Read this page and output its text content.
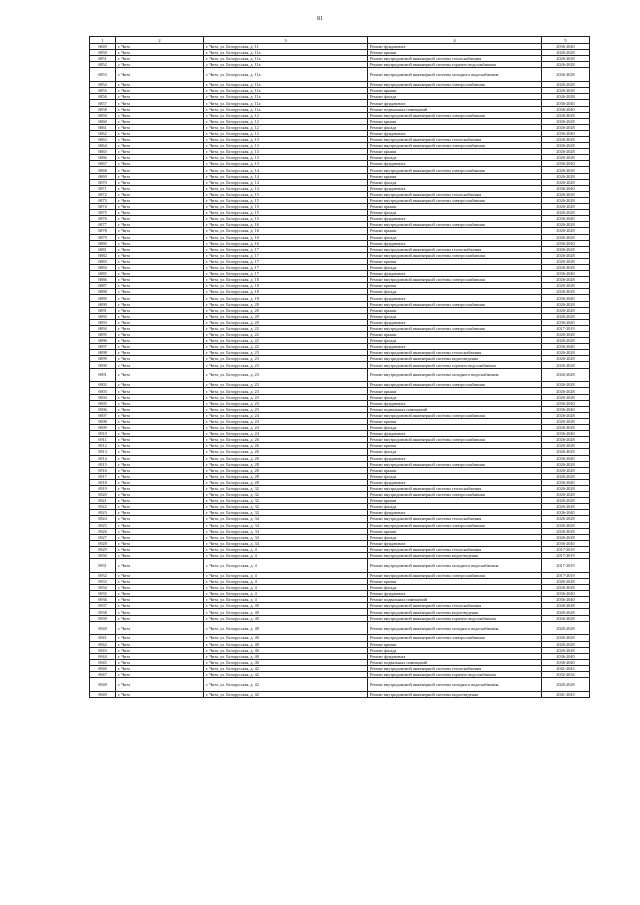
81
1	2	3	4	5
6849	г. Чита	г. Чита, ул. Белорусская, д. 11	Ремонт фундамента	2036-2040
6850	г. Чита	г. Чита, ул. Белорусская, д. 11а	Ремонт крыши	2026-2028
6851	г. Чита	г. Чита, ул. Белорусская, д. 11а	Ремонт внутридомовой инженерной системы теплоснабжения	2026-2028
6852	г. Чита	г. Чита, ул. Белорусская, д. 11а	Ремонт внутридомовой инженерной системы горячего водоснабжения	2026-2028
6853	г. Чита	г. Чита, ул. Белорусская, д. 11а	Ремонт внутридомовой инженерной системы холодного водоснабжения	2026-2028
6854	г. Чита	г. Чита, ул. Белорусская, д. 11а	Ремонт внутридомовой инженерной системы электроснабжения	2026-2028
6855	г. Чита	г. Чита, ул. Белорусская, д. 11а	Ремонт крыши	2026-2028
6856	г. Чита	г. Чита, ул. Белорусская, д. 11а	Ремонт фасада	2026-2028
6857	г. Чита	г. Чита, ул. Белорусская, д. 11а	Ремонт фундамента	2036-2040
6858	г. Чита	г. Чита, ул. Белорусская, д. 11а	Ремонт подвальных помещений	2036-2040
6859	г. Чита	г. Чита, ул. Белорусская, д. 12	Ремонт внутридомовой инженерной системы электроснабжения	2026-2028
6860	г. Чита	г. Чита, ул. Белорусская, д. 12	Ремонт крыши	2026-2028
6861	г. Чита	г. Чита, ул. Белорусская, д. 12	Ремонт фасада	2026-2028
6862	г. Чита	г. Чита, ул. Белорусская, д. 12	Ремонт фундамента	2036-2040
6863	г. Чита	г. Чита, ул. Белорусская, д. 13	Ремонт внутридомовой инженерной системы теплоснабжения	2026-2028
6864	г. Чита	г. Чита, ул. Белорусская, д. 13	Ремонт внутридомовой инженерной системы электроснабжения	2026-2028
6865	г. Чита	г. Чита, ул. Белорусская, д. 13	Ремонт крыши	2026-2028
6866	г. Чита	г. Чита, ул. Белорусская, д. 13	Ремонт фасада	2026-2028
6867	г. Чита	г. Чита, ул. Белорусская, д. 13	Ремонт фундамента	2036-2040
6868	г. Чита	г. Чита, ул. Белорусская, д. 14	Ремонт внутридомовой инженерной системы электроснабжения	2026-2028
6869	г. Чита	г. Чита, ул. Белорусская, д. 14	Ремонт крыши	2026-2028
6870	г. Чита	г. Чита, ул. Белорусская, д. 14	Ремонт фасада	2026-2028
6871	г. Чита	г. Чита, ул. Белорусская, д. 14	Ремонт фундамента	2036-2040
6872	г. Чита	г. Чита, ул. Белорусская, д. 15	Ремонт внутридомовой инженерной системы теплоснабжения	2026-2028
6873	г. Чита	г. Чита, ул. Белорусская, д. 15	Ремонт внутридомовой инженерной системы электроснабжения	2026-2028
6874	г. Чита	г. Чита, ул. Белорусская, д. 15	Ремонт крыши	2026-2028
6875	г. Чита	г. Чита, ул. Белорусская, д. 15	Ремонт фасада	2026-2028
6876	г. Чита	г. Чита, ул. Белорусская, д. 15	Ремонт фундамента	2036-2040
6877	г. Чита	г. Чита, ул. Белорусская, д. 16	Ремонт внутридомовой инженерной системы электроснабжения	2026-2028
6878	г. Чита	г. Чита, ул. Белорусская, д. 16	Ремонт крыши	2026-2028
6879	г. Чита	г. Чита, ул. Белорусская, д. 16	Ремонт фасада	2026-2028
6880	г. Чита	г. Чита, ул. Белорусская, д. 16	Ремонт фундамента	2036-2040
6881	г. Чита	г. Чита, ул. Белорусская, д. 17	Ремонт внутридомовой инженерной системы теплоснабжения	2026-2028
6882	г. Чита	г. Чита, ул. Белорусская, д. 17	Ремонт внутридомовой инженерной системы электроснабжения	2026-2028
6883	г. Чита	г. Чита, ул. Белорусская, д. 17	Ремонт крыши	2026-2028
6884	г. Чита	г. Чита, ул. Белорусская, д. 17	Ремонт фасада	2026-2028
6885	г. Чита	г. Чита, ул. Белорусская, д. 17	Ремонт фундамента	2036-2040
6886	г. Чита	г. Чита, ул. Белорусская, д. 18	Ремонт внутридомовой инженерной системы электроснабжения	2026-2028
6887	г. Чита	г. Чита, ул. Белорусская, д. 18	Ремонт крыши	2026-2028
6888	г. Чита	г. Чита, ул. Белорусская, д. 18	Ремонт фасада	2026-2028
6889	г. Чита	г. Чита, ул. Белорусская, д. 18	Ремонт фундамента	2036-2040
6890	г. Чита	г. Чита, ул. Белорусская, д. 20	Ремонт внутридомовой инженерной системы электроснабжения	2026-2028
6891	г. Чита	г. Чита, ул. Белорусская, д. 20	Ремонт крыши	2026-2028
6892	г. Чита	г. Чита, ул. Белорусская, д. 20	Ремонт фасада	2026-2028
6893	г. Чита	г. Чита, ул. Белорусская, д. 20	Ремонт фундамента	2036-2040
6894	г. Чита	г. Чита, ул. Белорусская, д. 22	Ремонт внутридомовой инженерной системы электроснабжения	2017-2019
6895	г. Чита	г. Чита, ул. Белорусская, д. 22	Ремонт крыши	2026-2028
6896	г. Чита	г. Чита, ул. Белорусская, д. 22	Ремонт фасада	2026-2028
6897	г. Чита	г. Чита, ул. Белорусская, д. 22	Ремонт фундамента	2036-2040
6898	г. Чита	г. Чита, ул. Белорусская, д. 23	Ремонт внутридомовой инженерной системы теплоснабжения	2026-2028
6899	г. Чита	г. Чита, ул. Белорусская, д. 23	Ремонт внутридомовой инженерной системы водоотведения	2026-2028
6900	г. Чита	г. Чита, ул. Белорусская, д. 23	Ремонт внутридомовой инженерной системы горячего водоснабжения	2026-2028
6901	г. Чита	г. Чита, ул. Белорусская, д. 23	Ремонт внутридомовой инженерной системы холодного водоснабжения	2026-2028
6902	г. Чита	г. Чита, ул. Белорусская, д. 23	Ремонт внутридомовой инженерной системы электроснабжения	2026-2028
6903	г. Чита	г. Чита, ул. Белорусская, д. 23	Ремонт крыши	2026-2028
6904	г. Чита	г. Чита, ул. Белорусская, д. 23	Ремонт фасада	2026-2028
6905	г. Чита	г. Чита, ул. Белорусская, д. 23	Ремонт фундамента	2036-2040
6906	г. Чита	г. Чита, ул. Белорусская, д. 23	Ремонт подвальных помещений	2036-2040
6907	г. Чита	г. Чита, ул. Белорусская, д. 24	Ремонт внутридомовой инженерной системы электроснабжения	2026-2028
6908	г. Чита	г. Чита, ул. Белорусская, д. 24	Ремонт крыши	2026-2028
6909	г. Чита	г. Чита, ул. Белорусская, д. 24	Ремонт фасада	2026-2028
6910	г. Чита	г. Чита, ул. Белорусская, д. 24	Ремонт фундамента	2036-2040
6911	г. Чита	г. Чита, ул. Белорусская, д. 26	Ремонт внутридомовой инженерной системы электроснабжения	2026-2028
6912	г. Чита	г. Чита, ул. Белорусская, д. 26	Ремонт крыши	2026-2028
6913	г. Чита	г. Чита, ул. Белорусская, д. 26	Ремонт фасада	2026-2028
6914	г. Чита	г. Чита, ул. Белорусская, д. 26	Ремонт фундамента	2036-2040
6915	г. Чита	г. Чита, ул. Белорусская, д. 28	Ремонт внутридомовой инженерной системы электроснабжения	2026-2028
6916	г. Чита	г. Чита, ул. Белорусская, д. 28	Ремонт крыши	2026-2028
6917	г. Чита	г. Чита, ул. Белорусская, д. 28	Ремонт фасада	2026-2028
6918	г. Чита	г. Чита, ул. Белорусская, д. 28	Ремонт фундамента	2036-2040
6919	г. Чита	г. Чита, ул. Белорусская, д. 32	Ремонт внутридомовой инженерной системы теплоснабжения	2026-2028
6920	г. Чита	г. Чита, ул. Белорусская, д. 32	Ремонт внутридомовой инженерной системы электроснабжения	2026-2028
6921	г. Чита	г. Чита, ул. Белорусская, д. 32	Ремонт крыши	2026-2028
6922	г. Чита	г. Чита, ул. Белорусская, д. 32	Ремонт фасада	2026-2028
6923	г. Чита	г. Чита, ул. Белорусская, д. 32	Ремонт фундамента	2036-2040
6924	г. Чита	г. Чита, ул. Белорусская, д. 34	Ремонт внутридомовой инженерной системы теплоснабжения	2026-2028
6925	г. Чита	г. Чита, ул. Белорусская, д. 34	Ремонт внутридомовой инженерной системы электроснабжения	2026-2028
6926	г. Чита	г. Чита, ул. Белорусская, д. 34	Ремонт крыши	2026-2028
6927	г. Чита	г. Чита, ул. Белорусская, д. 34	Ремонт фасада	2026-2028
6928	г. Чита	г. Чита, ул. Белорусская, д. 34	Ремонт фундамента	2036-2040
6929	г. Чита	г. Чита, ул. Белорусская, д. 4	Ремонт внутридомовой инженерной системы теплоснабжения	2017-2019
6930	г. Чита	г. Чита, ул. Белорусская, д. 4	Ремонт внутридомовой инженерной системы водоотведения	2017-2019
6931	г. Чита	г. Чита, ул. Белорусская, д. 4	Ремонт внутридомовой инженерной системы холодного водоснабжения	2017-2019
6932	г. Чита	г. Чита, ул. Белорусская, д. 4	Ремонт внутридомовой инженерной системы электроснабжения	2017-2019
6933	г. Чита	г. Чита, ул. Белорусская, д. 4	Ремонт крыши	2026-2028
6934	г. Чита	г. Чита, ул. Белорусская, д. 4	Ремонт фасада	2026-2028
6935	г. Чита	г. Чита, ул. Белорусская, д. 4	Ремонт фундамента	2036-2040
6936	г. Чита	г. Чита, ул. Белорусская, д. 4	Ремонт подвальных помещений	2036-2040
6937	г. Чита	г. Чита, ул. Белорусская, д. 40	Ремонт внутридомовой инженерной системы теплоснабжения	2026-2028
6938	г. Чита	г. Чита, ул. Белорусская, д. 40	Ремонт внутридомовой инженерной системы водоотведения	2026-2028
6939	г. Чита	г. Чита, ул. Белорусская, д. 40	Ремонт внутридомовой инженерной системы горячего водоснабжения	2026-2028
6940	г. Чита	г. Чита, ул. Белорусская, д. 40	Ремонт внутридомовой инженерной системы холодного водоснабжения	2026-2028
6941	г. Чита	г. Чита, ул. Белорусская, д. 40	Ремонт внутридомовой инженерной системы электроснабжения	2026-2028
6942	г. Чита	г. Чита, ул. Белорусская, д. 40	Ремонт крыши	2026-2028
6943	г. Чита	г. Чита, ул. Белорусская, д. 40	Ремонт фасада	2026-2028
6944	г. Чита	г. Чита, ул. Белорусская, д. 40	Ремонт фундамента	2036-2040
6945	г. Чита	г. Чита, ул. Белорусская, д. 40	Ремонт подвальных помещений	2036-2040
6946	г. Чита	г. Чита, ул. Белорусская, д. 42	Ремонт внутридомовой инженерной системы теплоснабжения	2041-2043
6947	г. Чита	г. Чита, ул. Белорусская, д. 42	Ремонт внутридомовой инженерной системы горячего водоснабжения	2032-2034
6948	г. Чита	г. Чита, ул. Белорусская, д. 42	Ремонт внутридомовой инженерной системы холодного водоснабжения	2026-2028
6949	г. Чита	г. Чита, ул. Белорусская, д. 42	Ремонт внутридомовой инженерной системы водоотведения	2041-2043
